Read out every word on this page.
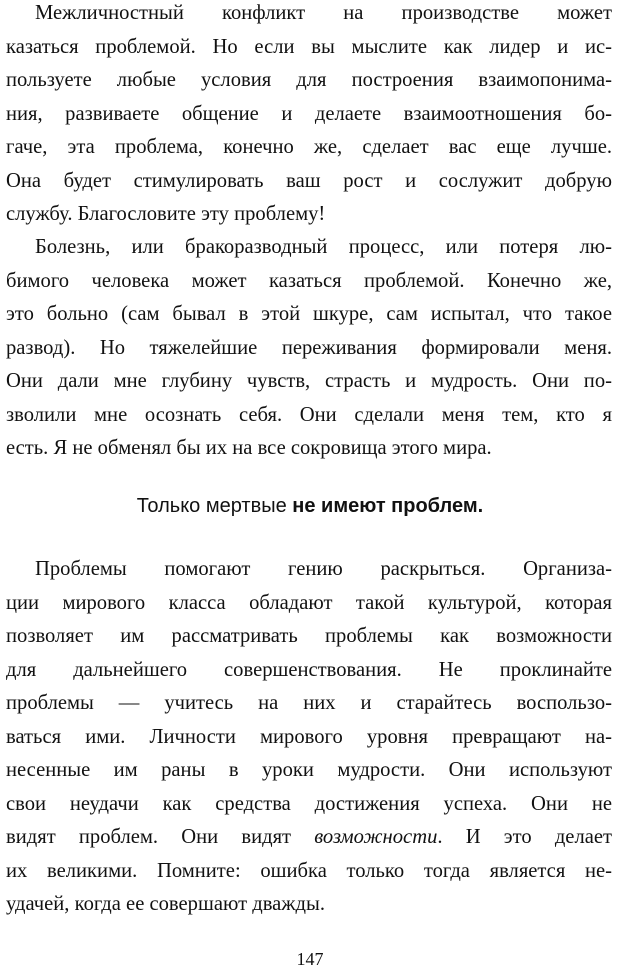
Межличностный конфликт на производстве может
казаться проблемой. Но если вы мыслите как лидер и ис-
пользуете любые условия для построения взаимопонима-
ния, развиваете общение и делаете взаимоотношения бо-
гаче, эта проблема, конечно же, сделает вас еще лучше.
Она будет стимулировать ваш рост и сослужит добрую
службу. Благословите эту проблему!

Болезнь, или бракоразводный процесс, или потеря лю-
бимого человека может казаться проблемой. Конечно же,
это больно (сам бывал в этой шкуре, сам испытал, что такое
развод). Но тяжелейшие переживания формировали меня.
Они дали мне глубину чувств, страсть и мудрость. Они по-
зволили мне осознать себя. Они сделали меня тем, кто я
есть. Я не обменял бы их на все сокровища этого мира.

Только мертвые не имеют проблем.

Проблемы помогают гению раскрыться. Организа-
ции мирового класса обладают такой культурой, которая
позволяет им рассматривать проблемы как возможности
для дальнейшего совершенствования. Не проклинайте
проблемы — учитесь на них и старайтесь воспользо-
ваться ими. Личности мирового уровня превращают на-
несенные им раны в уроки мудрости. Они используют
свои неудачи как средства достижения успеха. Они не
видят проблем. Они видят возможности. И это делает
их великими. Помните: ошибка только тогда является не-
удачей, когда ее совершают дважды.

147
